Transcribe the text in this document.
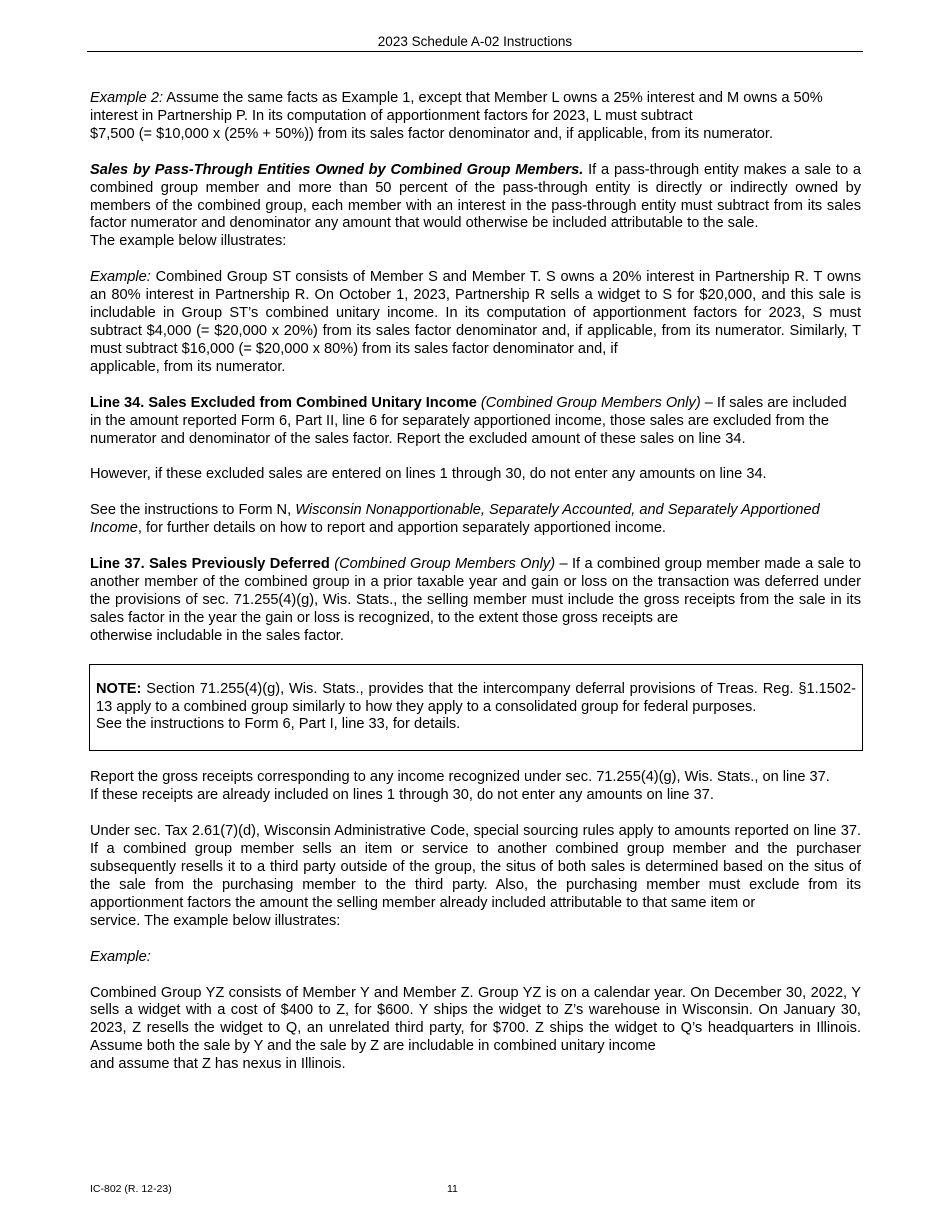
2023 Schedule A-02 Instructions

Example 2: Assume the same facts as Example 1, except that Member L owns a 25% interest and M owns a 50%
interest in Partnership P. In its computation of apportionment factors for 2023, L must subtract
$7,500 (= $10,000 x (25% + 50%)) from its sales factor denominator and, if applicable, from its numerator.

Sales by Pass-Through Entities Owned by Combined Group Members. If a pass-through entity makes a sale to a combined group member and more than 50 percent of the pass-through entity is directly or indirectly owned by members of the combined group, each member with an interest in the pass-through entity must subtract from its sales factor numerator and denominator any amount that would otherwise be included attributable to the sale.

The example below illustrates:

Example: Combined Group ST consists of Member S and Member T. S owns a 20% interest in Partnership R. T owns an 80% interest in Partnership R. On October 1, 2023, Partnership R sells a widget to S for $20,000, and this sale is includable in Group ST’s combined unitary income. In its computation of apportionment factors for 2023, S must subtract $4,000 (= $20,000 x 20%) from its sales factor denominator and, if applicable, from its numerator. Similarly, T must subtract $16,000 (= $20,000 x 80%) from its sales factor denominator and, if

applicable, from its numerator.

Line 34. Sales Excluded from Combined Unitary Income (Combined Group Members Only) – If sales are included
in the amount reported Form 6, Part II, line 6 for separately apportioned income, those sales are excluded from the
numerator and denominator of the sales factor. Report the excluded amount of these sales on line 34.

However, if these excluded sales are entered on lines 1 through 30, do not enter any amounts on line 34.

See the instructions to Form N, Wisconsin Nonapportionable, Separately Accounted, and Separately Apportioned Income, for further details on how to report and apportion separately apportioned income.

Line 37. Sales Previously Deferred (Combined Group Members Only) – If a combined group member made a sale to another member of the combined group in a prior taxable year and gain or loss on the transaction was deferred under the provisions of sec. 71.255(4)(g), Wis. Stats., the selling member must include the gross receipts from the sale in its sales factor in the year the gain or loss is recognized, to the extent those gross receipts are

otherwise includable in the sales factor.

NOTE: Section 71.255(4)(g), Wis. Stats., provides that the intercompany deferral provisions of Treas. Reg. §1.1502-13 apply to a combined group similarly to how they apply to a consolidated group for federal purposes.

See the instructions to Form 6, Part I, line 33, for details.

Report the gross receipts corresponding to any income recognized under sec. 71.255(4)(g), Wis. Stats., on line 37.
If these receipts are already included on lines 1 through 30, do not enter any amounts on line 37.

Under sec. Tax 2.61(7)(d), Wisconsin Administrative Code, special sourcing rules apply to amounts reported on line 37. If a combined group member sells an item or service to another combined group member and the purchaser subsequently resells it to a third party outside of the group, the situs of both sales is determined based on the situs of the sale from the purchasing member to the third party. Also, the purchasing member must exclude from its apportionment factors the amount the selling member already included attributable to that same item or

service. The example below illustrates:

Example:

Combined Group YZ consists of Member Y and Member Z. Group YZ is on a calendar year. On December 30, 2022, Y sells a widget with a cost of $400 to Z, for $600. Y ships the widget to Z’s warehouse in Wisconsin. On January 30, 2023, Z resells the widget to Q, an unrelated third party, for $700. Z ships the widget to Q’s headquarters in Illinois. Assume both the sale by Y and the sale by Z are includable in combined unitary income

and assume that Z has nexus in Illinois.

IC-802 (R. 12-23)	11
